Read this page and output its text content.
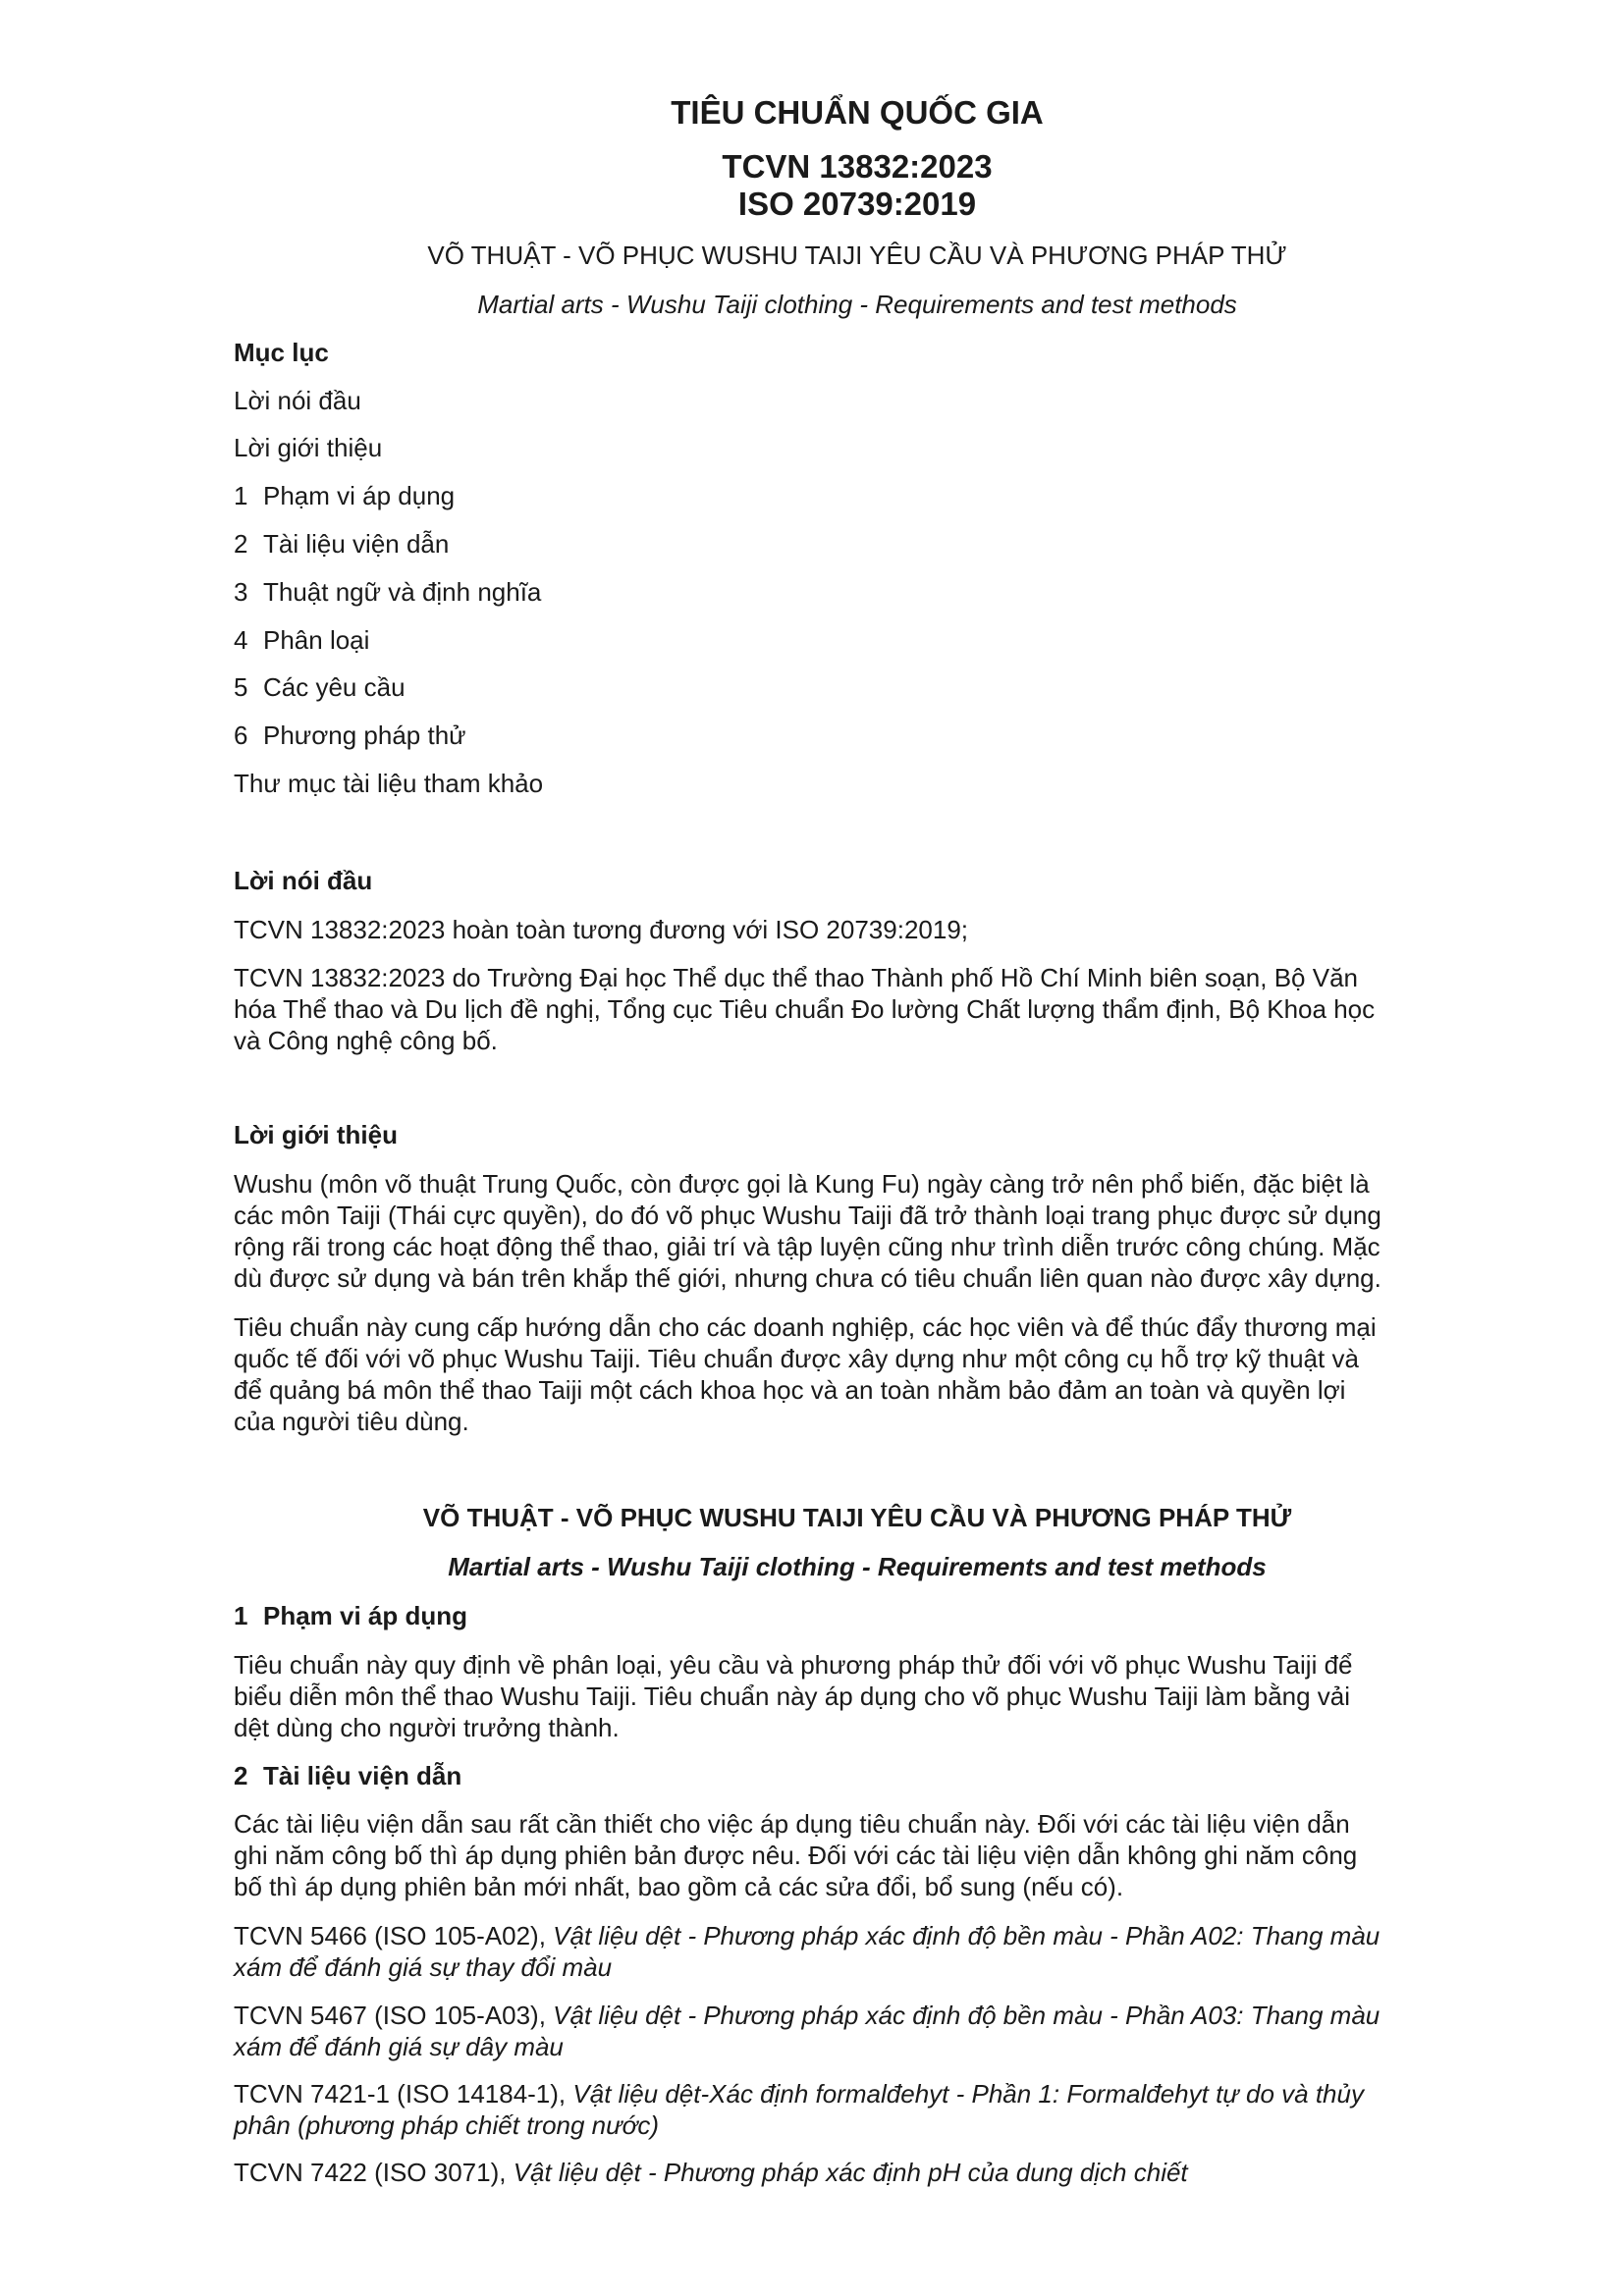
TIÊU CHUẨN QUỐC GIA
TCVN 13832:2023
ISO 20739:2019
VÕ THUẬT - VÕ PHỤC WUSHU TAIJI YÊU CẦU VÀ PHƯƠNG PHÁP THỬ
Martial arts - Wushu Taiji clothing - Requirements and test methods
Mục lục
Lời nói đầu
Lời giới thiệu
1 Phạm vi áp dụng
2 Tài liệu viện dẫn
3 Thuật ngữ và định nghĩa
4 Phân loại
5 Các yêu cầu
6 Phương pháp thử
Thư mục tài liệu tham khảo
Lời nói đầu
TCVN 13832:2023 hoàn toàn tương đương với ISO 20739:2019;
TCVN 13832:2023 do Trường Đại học Thể dục thể thao Thành phố Hồ Chí Minh biên soạn, Bộ Văn
hóa Thể thao và Du lịch đề nghị, Tổng cục Tiêu chuẩn Đo lường Chất lượng thẩm định, Bộ Khoa học
và Công nghệ công bố.
Lời giới thiệu
Wushu (môn võ thuật Trung Quốc, còn được gọi là Kung Fu) ngày càng trở nên phổ biến, đặc biệt là
các môn Taiji (Thái cực quyền), do đó võ phục Wushu Taiji đã trở thành loại trang phục được sử dụng
rộng rãi trong các hoạt động thể thao, giải trí và tập luyện cũng như trình diễn trước công chúng. Mặc
dù được sử dụng và bán trên khắp thế giới, nhưng chưa có tiêu chuẩn liên quan nào được xây dựng.
Tiêu chuẩn này cung cấp hướng dẫn cho các doanh nghiệp, các học viên và để thúc đẩy thương mại
quốc tế đối với võ phục Wushu Taiji. Tiêu chuẩn được xây dựng như một công cụ hỗ trợ kỹ thuật và
để quảng bá môn thể thao Taiji một cách khoa học và an toàn nhằm bảo đảm an toàn và quyền lợi
của người tiêu dùng.
VÕ THUẬT - VÕ PHỤC WUSHU TAIJI YÊU CẦU VÀ PHƯƠNG PHÁP THỬ
Martial arts - Wushu Taiji clothing - Requirements and test methods
1 Phạm vi áp dụng
Tiêu chuẩn này quy định về phân loại, yêu cầu và phương pháp thử đối với võ phục Wushu Taiji để
biểu diễn môn thể thao Wushu Taiji. Tiêu chuẩn này áp dụng cho võ phục Wushu Taiji làm bằng vải
dệt dùng cho người trưởng thành.
2 Tài liệu viện dẫn
Các tài liệu viện dẫn sau rất cần thiết cho việc áp dụng tiêu chuẩn này. Đối với các tài liệu viện dẫn
ghi năm công bố thì áp dụng phiên bản được nêu. Đối với các tài liệu viện dẫn không ghi năm công
bố thì áp dụng phiên bản mới nhất, bao gồm cả các sửa đổi, bổ sung (nếu có).
TCVN 5466 (ISO 105-A02), Vật liệu dệt - Phương pháp xác định độ bền màu - Phần A02: Thang màu
xám để đánh giá sự thay đổi màu
TCVN 5467 (ISO 105-A03), Vật liệu dệt - Phương pháp xác định độ bền màu - Phần A03: Thang màu
xám để đánh giá sự dây màu
TCVN 7421-1 (ISO 14184-1), Vật liệu dệt-Xác định formalđehyt - Phần 1: Formalđehyt tự do và thủy
phân (phương pháp chiết trong nước)
TCVN 7422 (ISO 3071), Vật liệu dệt - Phương pháp xác định pH của dung dịch chiết
